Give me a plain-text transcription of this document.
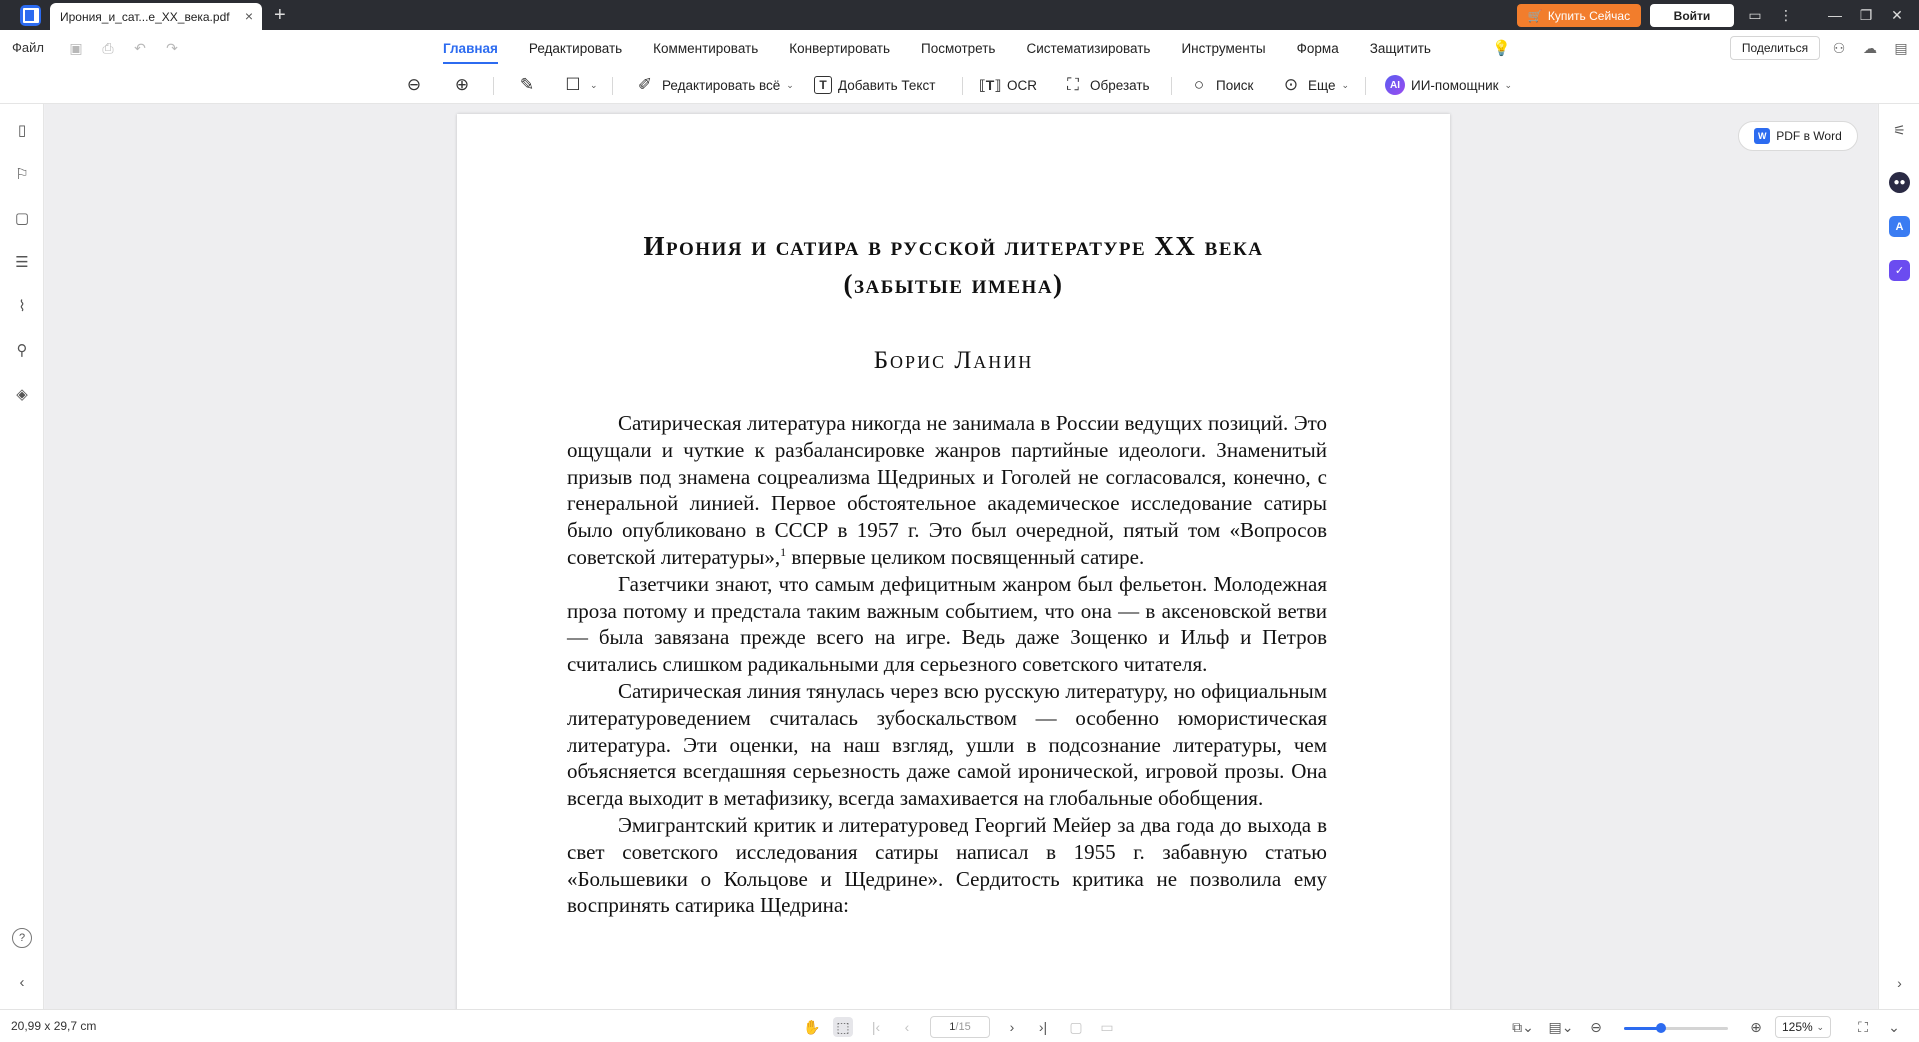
Ирония_и_сат...е_XX_века.pdf × +	🛒 Купить Сейчас	Войти	▭	⋮	—	❐	✕
Файл ▣ ⎙ ↶ ↷	Главная Редактировать Комментировать Конвертировать Посмотреть Систематизировать Инструменты Форма Защитить	💡	Поделиться	⚇ ☁ ▤
⊖ ⊕	✎ ☐	⌄ ✐ Редактировать всё ⌄	T Добавить Текст	⟦T⟧ OCR ⛶ Обрезать	○ Поиск ⊙ Еще ⌄	AI ИИ-помощник ⌄
▯
⚐
▢
☰
⌇
⚲
◈
?
‹
Ирония и сатира в русской литературе XX века
(забытые имена)
Борис Ланин

Сатирическая литература никогда не занимала в России ведущих позиций. Это ощущали и чуткие к разбалансировке жанров партийные идеологи. Знаменитый призыв под знамена соцреализма Щедриных и Гоголей не согласовался, конечно, с генеральной линией. Первое обстоятельное академическое исследование сатиры было опубликовано в СССР в 1957 г. Это был очередной, пятый том «Вопросов советской литературы»,$^1$ впервые целиком посвященный сатире.

Газетчики знают, что самым дефицитным жанром был фельетон. Молодежная проза потому и предстала таким важным событием, что она — в аксеновской ветви — была завязана прежде всего на игре. Ведь даже Зощенко и Ильф и Петров считались слишком радикальными для серьезного советского читателя.

Сатирическая линия тянулась через всю русскую литературу, но официальным литературоведением считалась зубоскальством — особенно юмористическая литература. Эти оценки, на наш взгляд, ушли в подсознание литературы, чем объясняется всегдашняя серьезность даже самой иронической, игровой прозы. Она всегда выходит в метафизику, всегда замахивается на глобальные обобщения.

Эмигрантский критик и литературовед Георгий Мейер за два года до выхода в свет советского исследования сатиры написал в 1955 г. забавную статью «Большевики о Кольцове и Щедрине». Сердитость критика не позволила ему воспринять сатирика Щедрина:

W PDF в Word	⚟
●●
A
✓
›
20,99 x 29,7 cm	✋ ⬚	|‹	‹	1 /15	›	›|	▢ ▭	⧉⌄ ▤⌄ ⊖	⊕	125% ⌄	⛶	⌄
